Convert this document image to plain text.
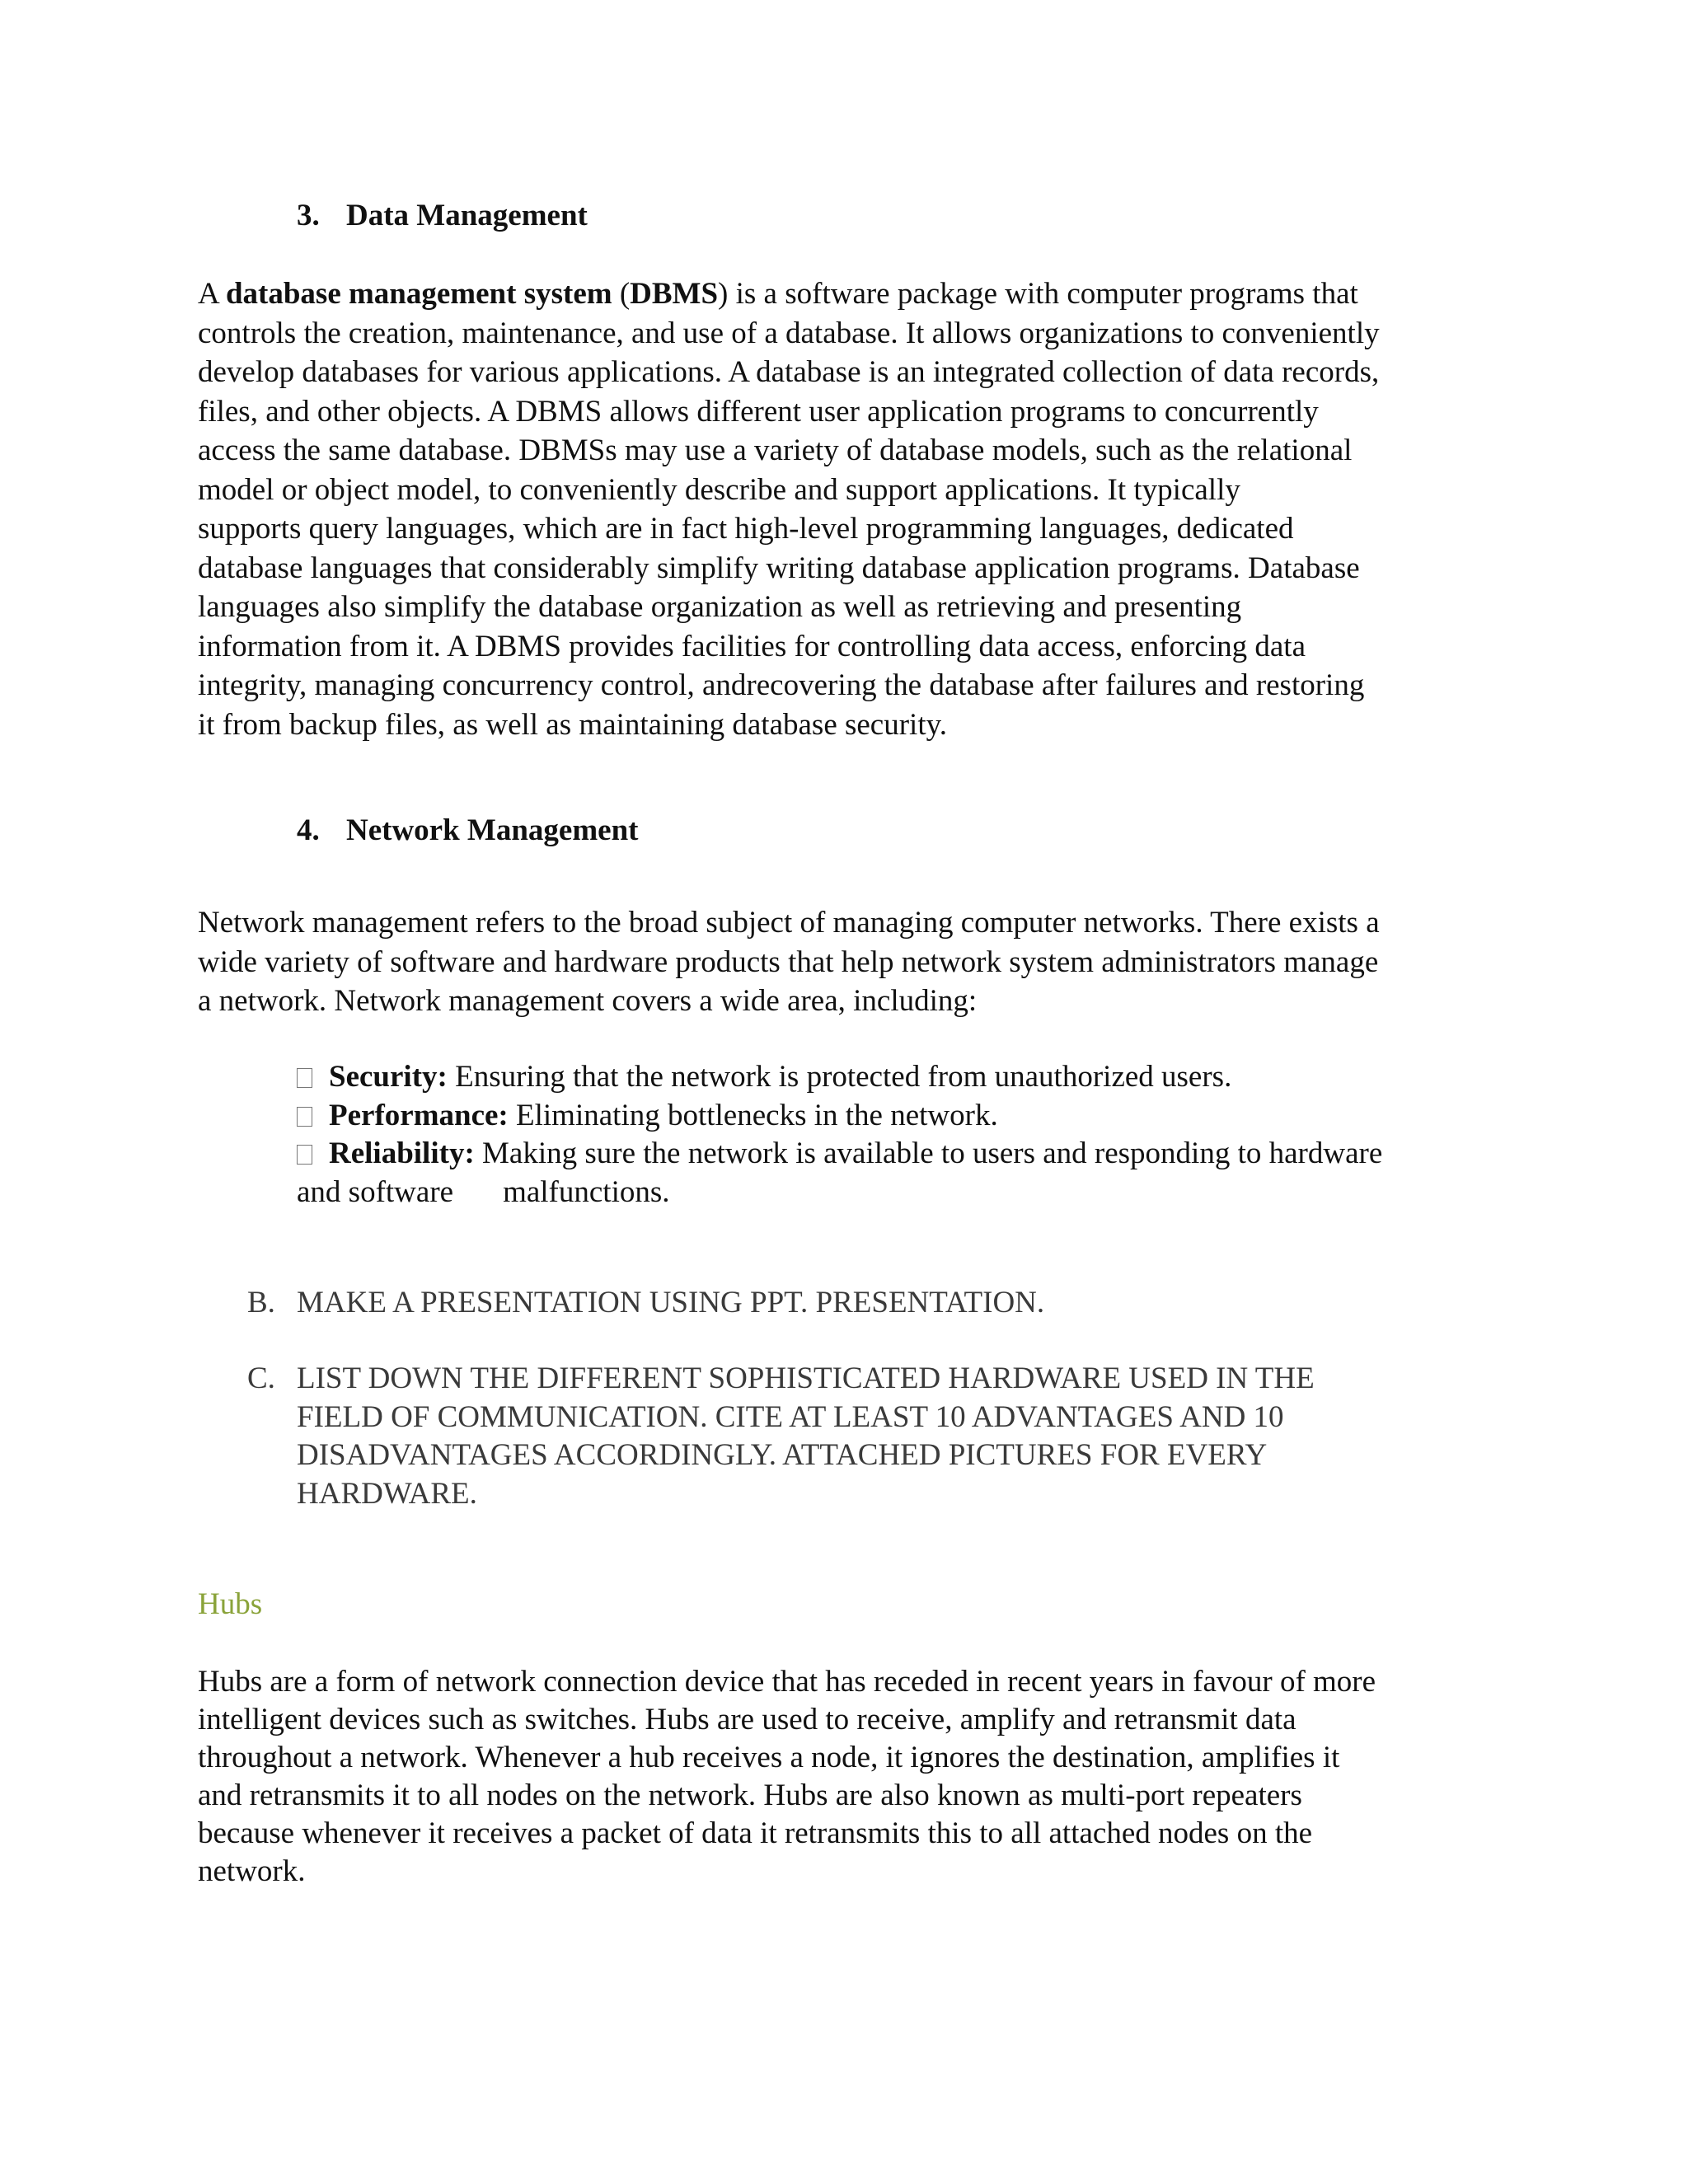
3. Data Management
A database management system (DBMS) is a software package with computer programs that
controls the creation, maintenance, and use of a database. It allows organizations to conveniently
develop databases for various applications. A database is an integrated collection of data records,
files, and other objects. A DBMS allows different user application programs to concurrently
access the same database. DBMSs may use a variety of database models, such as the relational
model or object model, to conveniently describe and support applications. It typically
supports query languages, which are in fact high-level programming languages, dedicated
database languages that considerably simplify writing database application programs. Database
languages also simplify the database organization as well as retrieving and presenting
information from it. A DBMS provides facilities for controlling data access, enforcing data
integrity, managing concurrency control, andrecovering the database after failures and restoring
it from backup files, as well as maintaining database security.
4. Network Management
Network management refers to the broad subject of managing computer networks. There exists a
wide variety of software and hardware products that help network system administrators manage
a network. Network management covers a wide area, including:
Security: Ensuring that the network is protected from unauthorized users.
Performance: Eliminating bottlenecks in the network.
Reliability: Making sure the network is available to users and responding to hardware
and software malfunctions.
B. MAKE A PRESENTATION USING PPT. PRESENTATION.
C. LIST DOWN THE DIFFERENT SOPHISTICATED HARDWARE USED IN THE
FIELD OF COMMUNICATION. CITE AT LEAST 10 ADVANTAGES AND 10
DISADVANTAGES ACCORDINGLY. ATTACHED PICTURES FOR EVERY
HARDWARE.
Hubs
Hubs are a form of network connection device that has receded in recent years in favour of more
intelligent devices such as switches. Hubs are used to receive, amplify and retransmit data
throughout a network. Whenever a hub receives a node, it ignores the destination, amplifies it
and retransmits it to all nodes on the network. Hubs are also known as multi-port repeaters
because whenever it receives a packet of data it retransmits this to all attached nodes on the
network.
